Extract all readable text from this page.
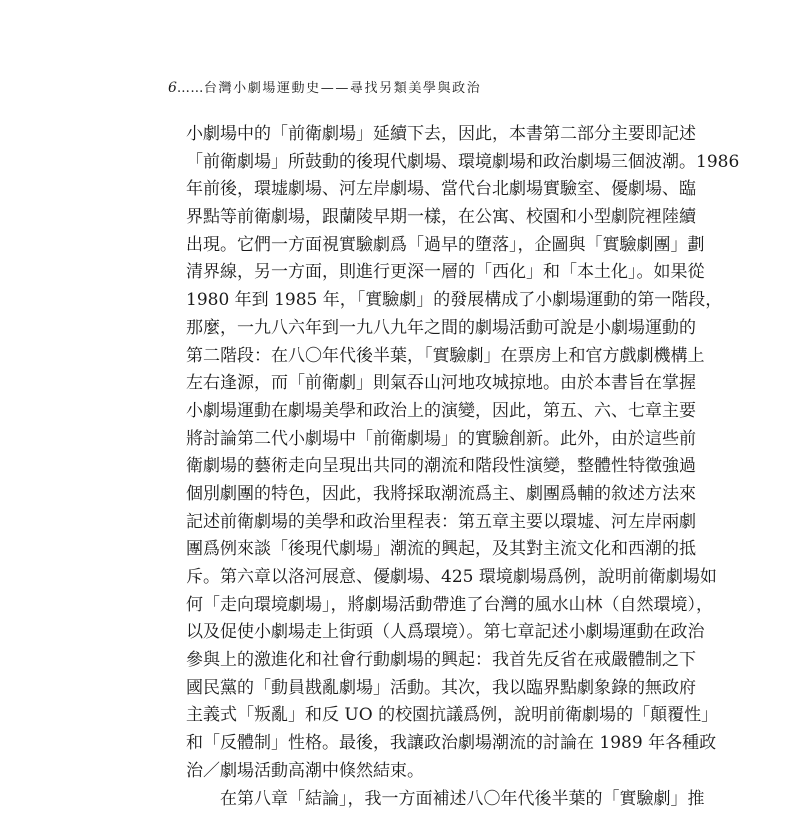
6 …… 台灣小劇場運動史——尋找另類美學與政治
小劇場中的「前衛劇場」延續下去，因此，本書第二部分主要即記述
「前衛劇場」所鼓動的後現代劇場、環境劇場和政治劇場三個波潮。1986
年前後，環墟劇場、河左岸劇場、當代台北劇場實驗室、優劇場、臨
界點等前衛劇場，跟蘭陵早期一樣，在公寓、校園和小型劇院裡陸續
出現。它們一方面視實驗劇爲「過早的墮落」，企圖與「實驗劇團」劃
清界線，另一方面，則進行更深一層的「西化」和「本土化」。如果從
1980 年到 1985 年，「實驗劇」的發展構成了小劇場運動的第一階段，
那麼，一九八六年到一九八九年之間的劇場活動可說是小劇場運動的
第二階段：在八〇年代後半葉，「實驗劇」在票房上和官方戲劇機構上
左右逢源，而「前衛劇」則氣吞山河地攻城掠地。由於本書旨在掌握
小劇場運動在劇場美學和政治上的演變，因此，第五、六、七章主要
將討論第二代小劇場中「前衛劇場」的實驗創新。此外，由於這些前
衛劇場的藝術走向呈現出共同的潮流和階段性演變，整體性特徵強過
個別劇團的特色，因此，我將採取潮流爲主、劇團爲輔的敘述方法來
記述前衛劇場的美學和政治里程表：第五章主要以環墟、河左岸兩劇
團爲例來談「後現代劇場」潮流的興起，及其對主流文化和西潮的抵
斥。第六章以洛河展意、優劇場、425 環境劇場爲例，說明前衛劇場如
何「走向環境劇場」，將劇場活動帶進了台灣的風水山林（自然環境），
以及促使小劇場走上街頭（人爲環境）。第七章記述小劇場運動在政治
參與上的激進化和社會行動劇場的興起：我首先反省在戒嚴體制之下
國民黨的「動員戡亂劇場」活動。其次，我以臨界點劇象錄的無政府
主義式「叛亂」和反 UO 的校園抗議爲例，說明前衛劇場的「顛覆性」
和「反體制」性格。最後，我讓政治劇場潮流的討論在 1989 年各種政
治／劇場活動高潮中倏然結束。
在第八章「結論」，我一方面補述八〇年代後半葉的「實驗劇」推
